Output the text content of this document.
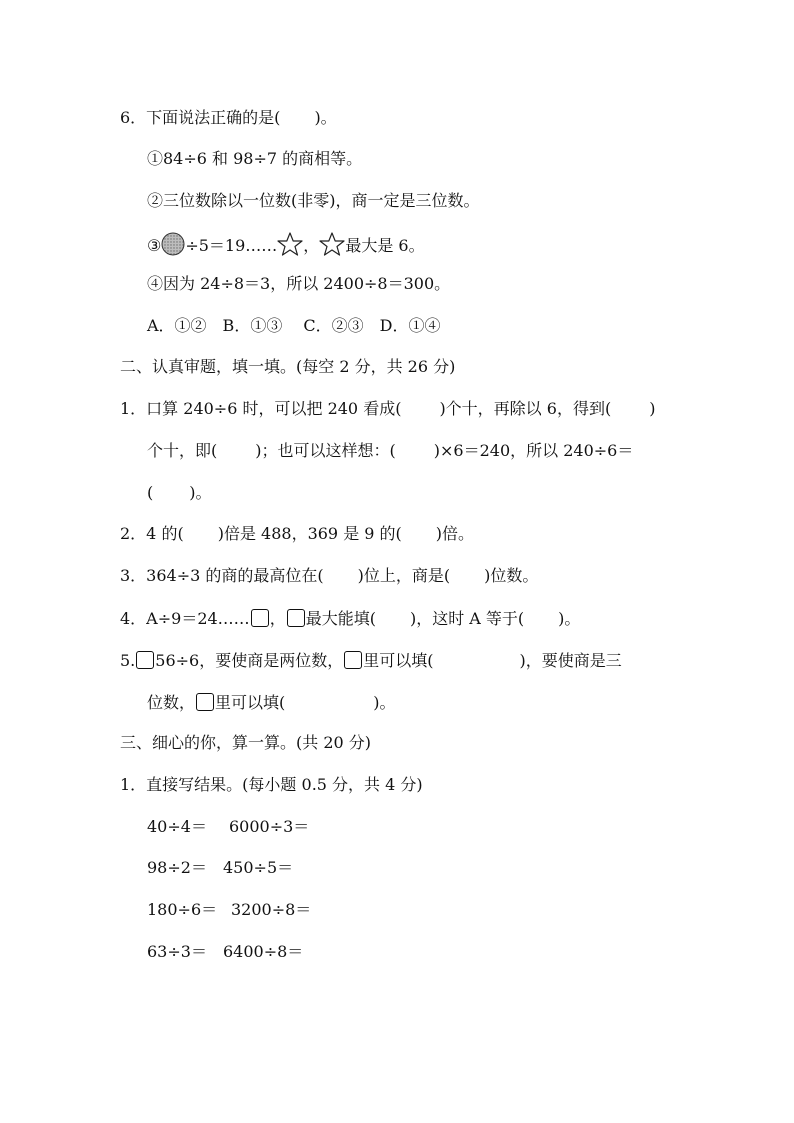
6．下面说法正确的是( )。
①84÷6 和 98÷7 的商相等。
②三位数除以一位数(非零)，商一定是三位数。
③ ÷5＝19…… ， 最大是 6。
④因为 24÷8＝3，所以 2400÷8＝300。
A．①②　B．①③　 C．②③　D．①④
二、认真审题，填一填。(每空 2 分，共 26 分)
1．口算 240÷6 时，可以把 240 看成( )个十，再除以 6，得到( )
个十，即( )；也可以这样想：( )×6＝240，所以 240÷6＝
( )。
2．4 的( )倍是 488，369 是 9 的( )倍。
3．364÷3 的商的最高位在( )位上，商是( )位数。
4．A÷9＝24…… ， 最大能填( )，这时 A 等于( )。
5. 56÷6，要使商是两位数， 里可以填(	)，要使商是三
位数， 里可以填(	)。
三、细心的你，算一算。(共 20 分)
1．直接写结果。(每小题 0.5 分，共 4 分)
40÷4＝ 6000÷3＝
98÷2＝ 450÷5＝
180÷6＝ 3200÷8＝
63÷3＝ 6400÷8＝
